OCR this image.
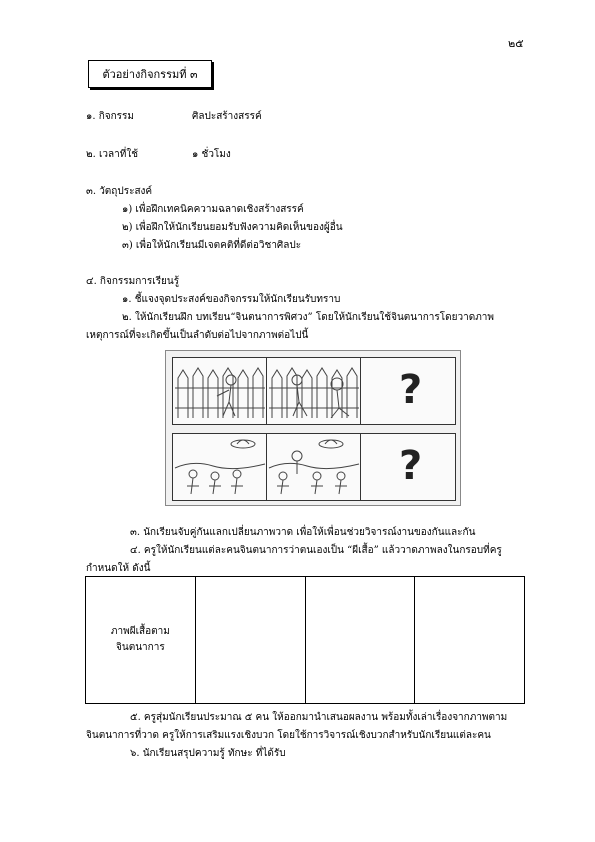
๒๕
ตัวอย่างกิจกรรมที่ ๓
๑. กิจกรรม	ศิลปะสร้างสรรค์
๒. เวลาที่ใช้	๑ ชั่วโมง
๓. วัตถุประสงค์
๑) เพื่อฝึกเทคนิคความฉลาดเชิงสร้างสรรค์
๒) เพื่อฝึกให้นักเรียนยอมรับฟังความคิดเห็นของผู้อื่น
๓) เพื่อให้นักเรียนมีเจตคติที่ดีต่อวิชาศิลปะ
๔. กิจกรรมการเรียนรู้
๑. ชี้แจงจุดประสงค์ของกิจกรรมให้นักเรียนรับทราบ
๒. ให้นักเรียนฝึก บทเรียน“จินตนาการพิศวง” โดยให้นักเรียนใช้จินตนาการโดยวาดภาพ
เหตุการณ์ที่จะเกิดขึ้นเป็นลำดับต่อไปจากภาพต่อไปนี้
?
?
๓. นักเรียนจับคู่กันแลกเปลี่ยนภาพวาด เพื่อให้เพื่อนช่วยวิจารณ์งานของกันและกัน
๔. ครูให้นักเรียนแต่ละคนจินตนาการว่าตนเองเป็น “ผีเสื้อ” แล้ววาดภาพลงในกรอบที่ครู
กำหนดให้ ดังนี้
ภาพผีเสื้อตาม
จินตนาการ
๕. ครูสุ่มนักเรียนประมาณ ๕ คน ให้ออกมานำเสนอผลงาน พร้อมทั้งเล่าเรื่องจากภาพตาม
จินตนาการที่วาด ครูให้การเสริมแรงเชิงบวก โดยใช้การวิจารณ์เชิงบวกสำหรับนักเรียนแต่ละคน
๖. นักเรียนสรุปความรู้ ทักษะ ที่ได้รับ
